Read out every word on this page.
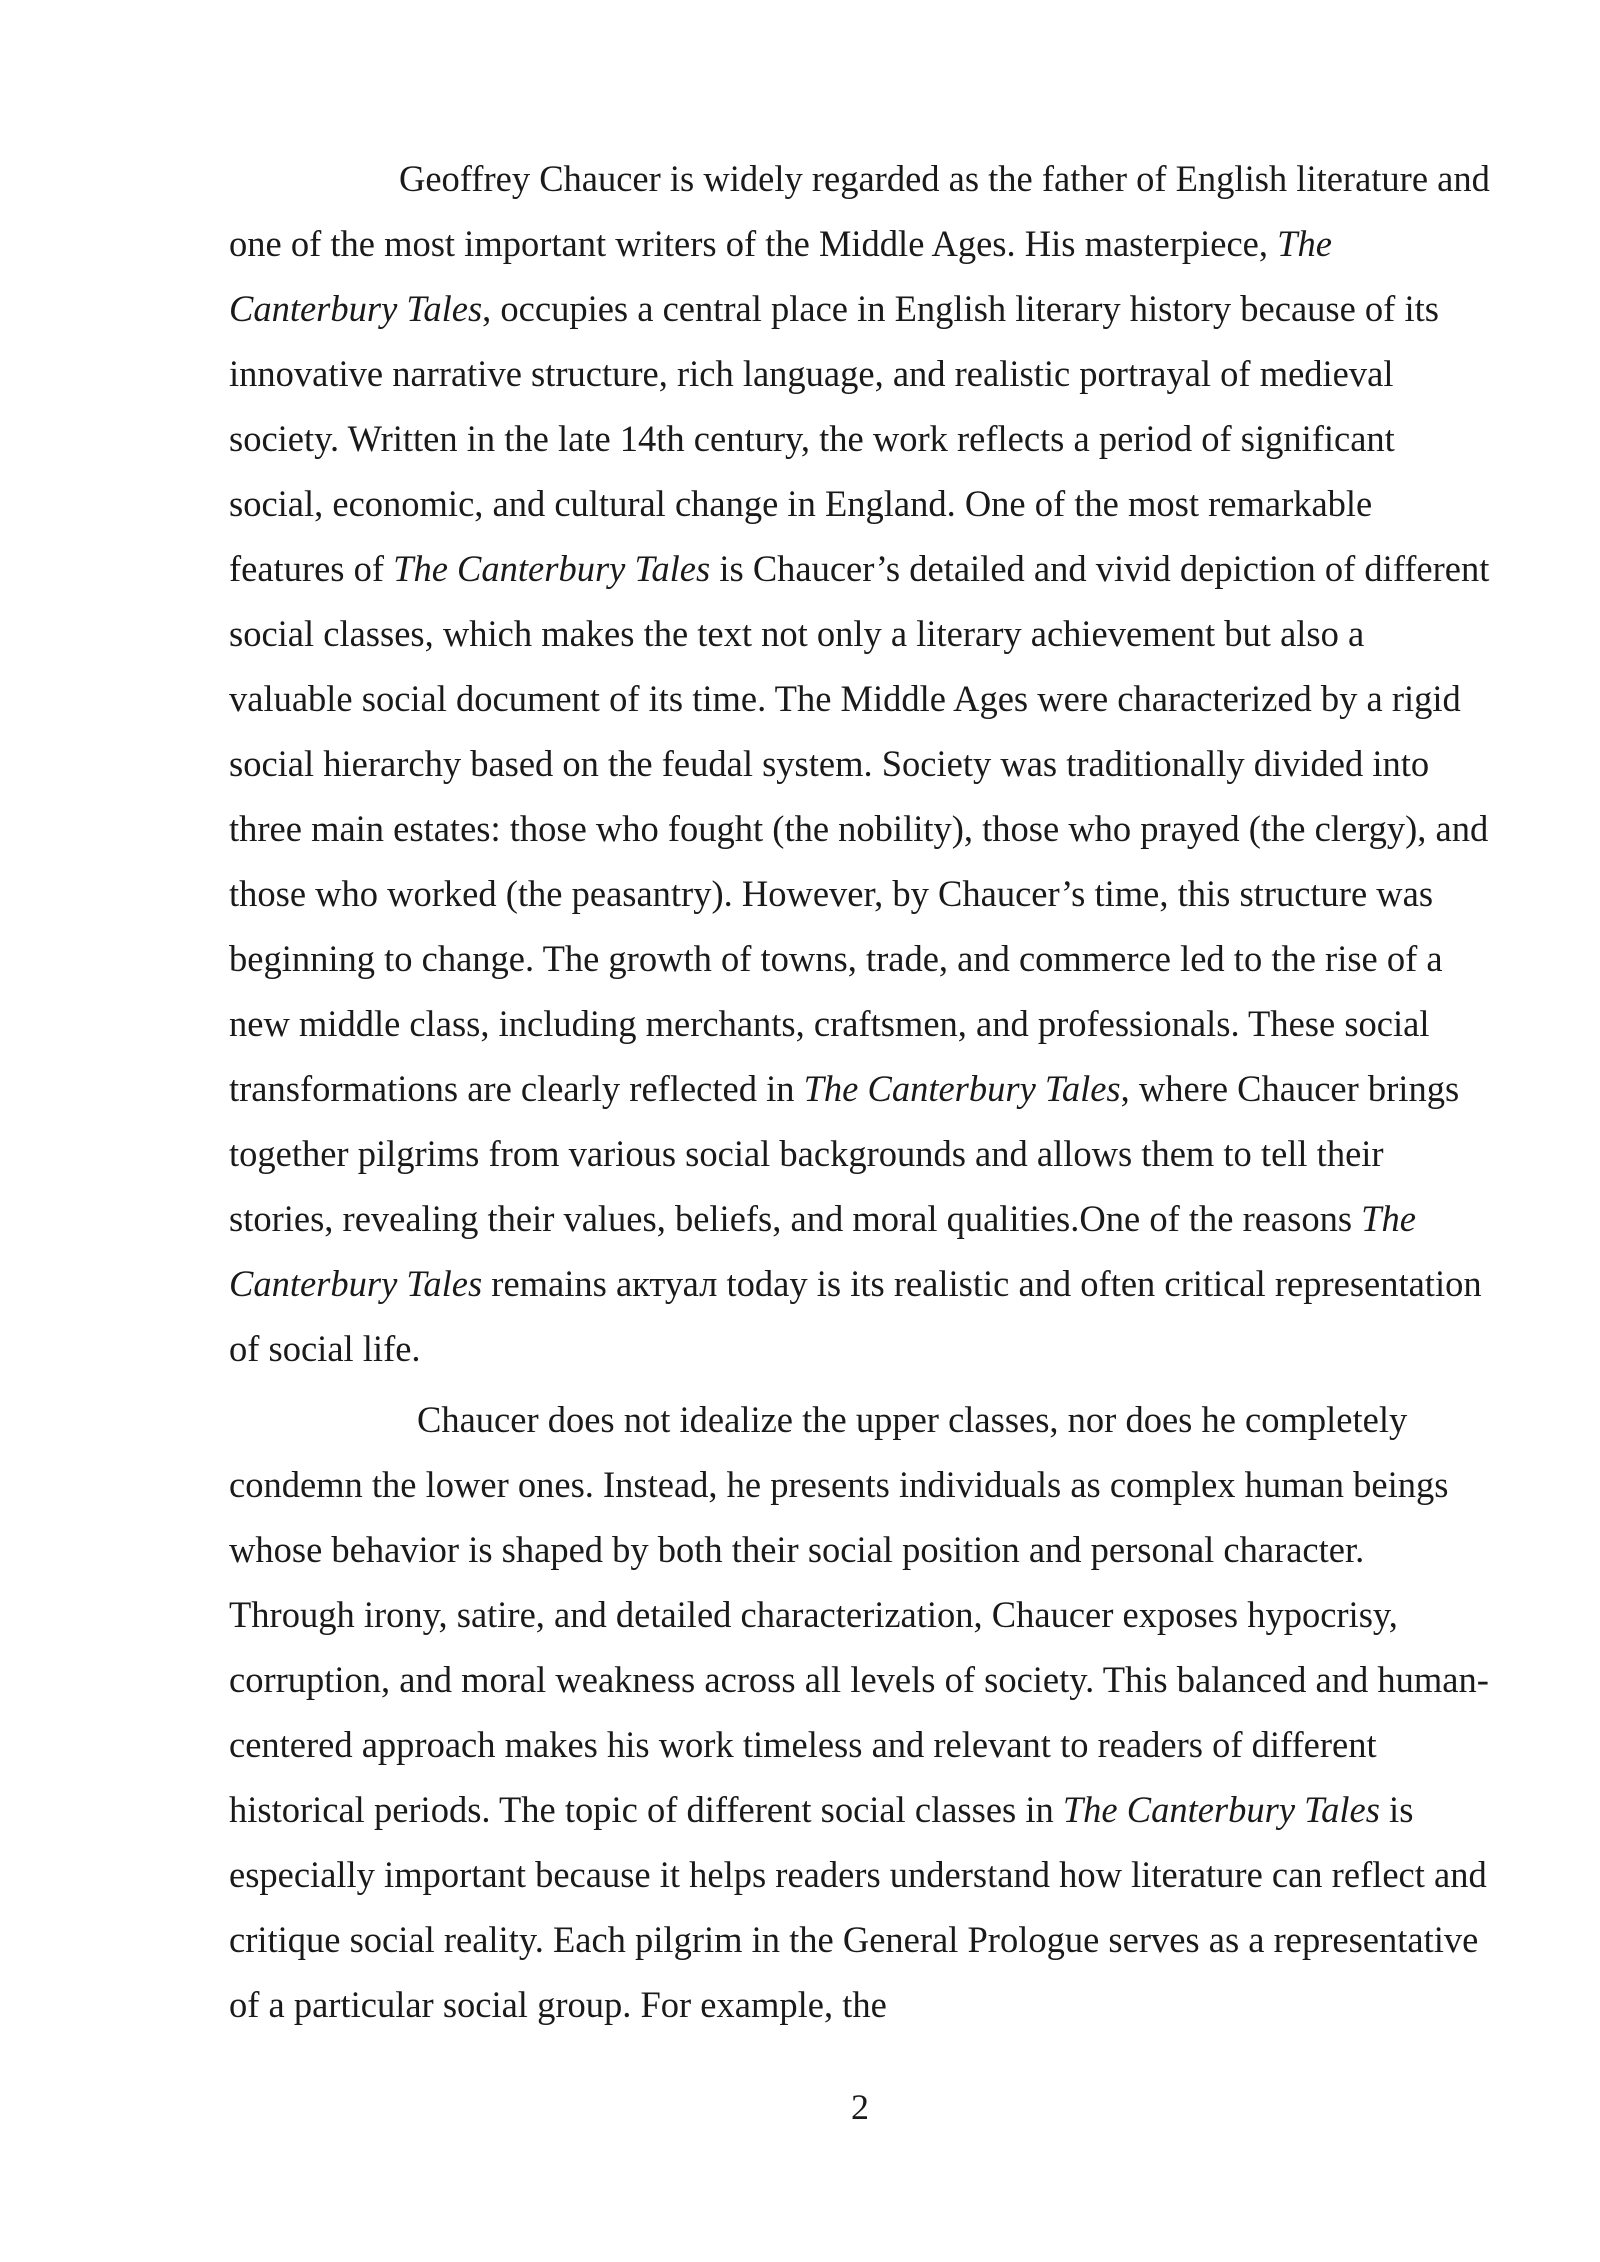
Geoffrey Chaucer is widely regarded as the father of English literature and one of the most important writers of the Middle Ages. His masterpiece, The Canterbury Tales, occupies a central place in English literary history because of its innovative narrative structure, rich language, and realistic portrayal of medieval society. Written in the late 14th century, the work reflects a period of significant social, economic, and cultural change in England. One of the most remarkable features of The Canterbury Tales is Chaucer’s detailed and vivid depiction of different social classes, which makes the text not only a literary achievement but also a valuable social document of its time. The Middle Ages were characterized by a rigid social hierarchy based on the feudal system. Society was traditionally divided into three main estates: those who fought (the nobility), those who prayed (the clergy), and those who worked (the peasantry). However, by Chaucer’s time, this structure was beginning to change. The growth of towns, trade, and commerce led to the rise of a new middle class, including merchants, craftsmen, and professionals. These social transformations are clearly reflected in The Canterbury Tales, where Chaucer brings together pilgrims from various social backgrounds and allows them to tell their stories, revealing their values, beliefs, and moral qualities.One of the reasons The Canterbury Tales remains актуал today is its realistic and often critical representation of social life.

Chaucer does not idealize the upper classes, nor does he completely condemn the lower ones. Instead, he presents individuals as complex human beings whose behavior is shaped by both their social position and personal character. Through irony, satire, and detailed characterization, Chaucer exposes hypocrisy, corruption, and moral weakness across all levels of society. This balanced and human-centered approach makes his work timeless and relevant to readers of different historical periods. The topic of different social classes in The Canterbury Tales is especially important because it helps readers understand how literature can reflect and critique social reality. Each pilgrim in the General Prologue serves as a representative of a particular social group. For example, the

2
